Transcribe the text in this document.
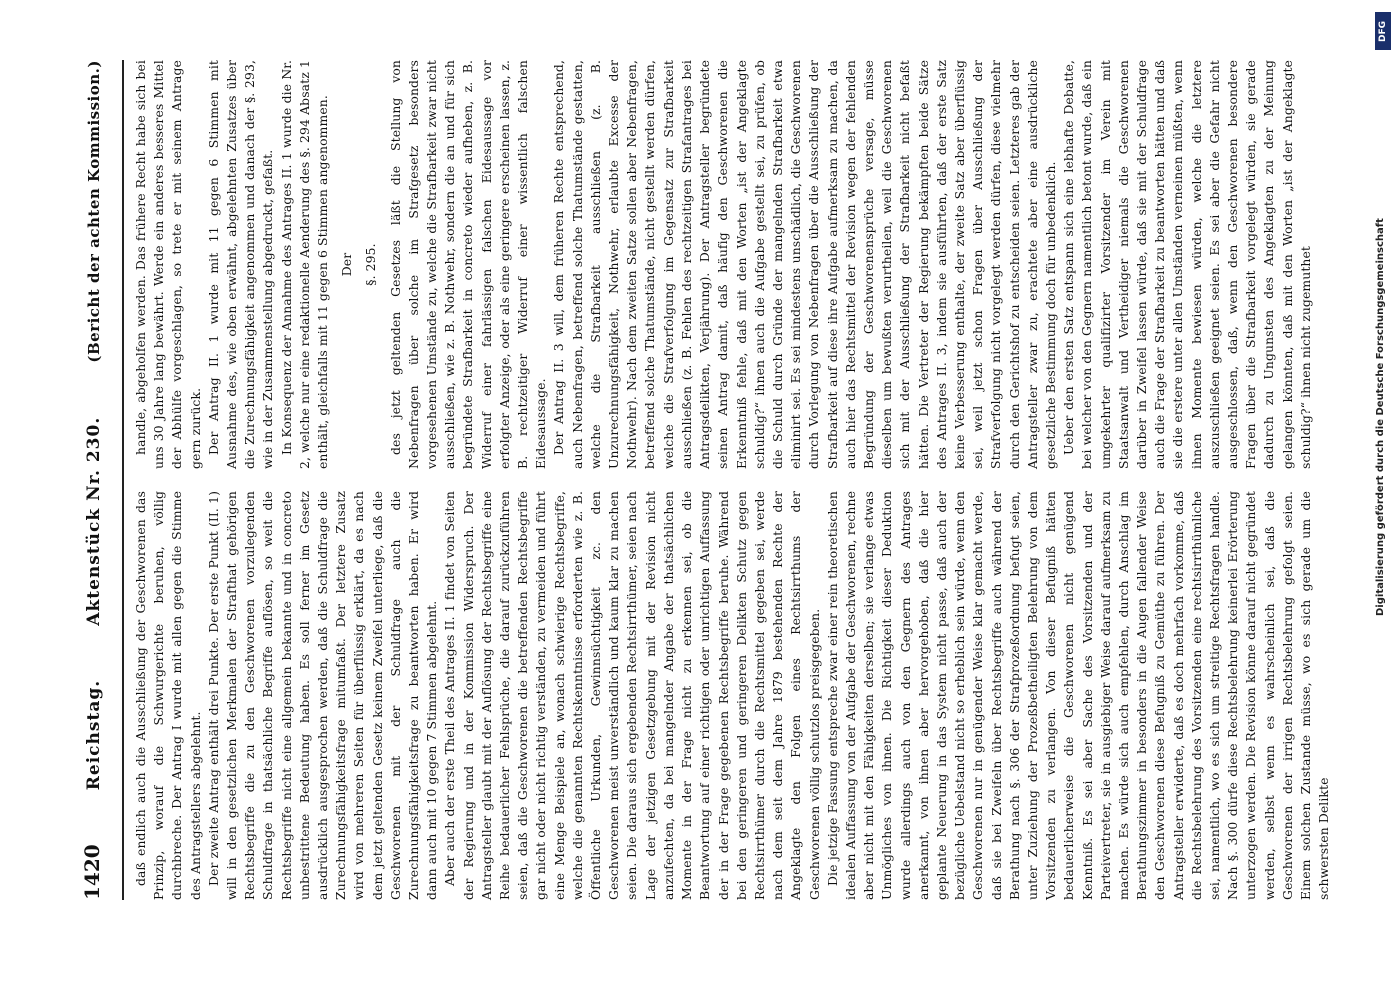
1420
Reichstag.
Aktenstück Nr. 230.
(Bericht der achten Kommission.)

daß endlich auch die Ausschließung der Geschworenen das Prinzip, worauf die Schwurgerichte beruhen, völlig durchbreche. Der Antrag I wurde mit allen gegen die Stimme des Antragstellers abgelehnt. Der zweite Antrag enthält drei Punkte. Der erste Punkt (II. 1) will in den gesetzlichen Merkmalen der Strafthat gehörigen Rechtsbegriffe die zu den Geschworenen vorzulegenden Schuldfrage in thatsächliche Begriffe auflösen, so weit die Rechtsbegriffe nicht eine allgemein bekannte und in concreto unbestrittene Bedeutung haben. Es soll ferner im Gesetz ausdrücklich ausgesprochen werden, daß die Schuldfrage die Zurechnungsfähigkeitsfrage mitumfaßt. Der letztere Zusatz wird von mehreren Seiten für überflüssig erklärt, da es nach dem jetzt geltenden Gesetz keinem Zweifel unterliege, daß die Geschworenen mit der Schuldfrage auch die Zurechnungsfähigkeitsfrage zu beantworten haben. Er wird dann auch mit 10 gegen 7 Stimmen abgelehnt. Aber auch der erste Theil des Antrages II. 1 findet von Seiten der Regierung und in der Kommission Widerspruch. Der Antragsteller glaubt mit der Auflösung der Rechtsbegriffe eine Reihe bedauerlicher Fehlsprüche, die darauf zurückzuführen seien, daß die Geschworenen die betreffenden Rechtsbegriffe gar nicht oder nicht richtig verständen, zu vermeiden und führt eine Menge Beispiele an, wonach schwierige Rechtsbegriffe, welche die genannten Rechtskenntnisse erforderten wie z. B. Öffentliche Urkunden, Gewinnsüchtigkeit zc. den Geschworenen meist unverständlich und kaum klar zu machen seien. Die daraus sich ergebenden Rechtsirrthümer, seien nach Lage der jetzigen Gesetzgebung mit der Revision nicht anzufechten, da bei mangelnder Angabe der thatsächlichen Momente in der Frage nicht zu erkennen sei, ob die Beantwortung auf einer richtigen oder unrichtigen Auffassung der in der Frage gegebenen Rechtsbegriffe beruhe. Während bei den geringeren und geringeren Delikten Schutz gegen Rechtsirrthümer durch die Rechtsmittel gegeben sei, werde nach dem seit dem Jahre 1879 bestehenden Rechte der Angeklagte den Folgen eines Rechtsirrthums der Geschworenen völlig schutzlos preisgegeben. Die jetzige Fassung entspreche zwar einer rein theoretischen idealen Auffassung von der Aufgabe der Geschworenen, rechne aber nicht mit den Fähigkeiten derselben; sie verlange etwas Unmögliches von ihnen. Die Richtigkeit dieser Deduktion wurde allerdings auch von den Gegnern des Antrages anerkannt, von ihnen aber hervorgehoben, daß die hier geplante Neuerung in das System nicht passe, daß auch der bezügliche Uebelstand nicht so erheblich sein würde, wenn den Geschworenen nur in genügender Weise klar gemacht werde, daß sie bei Zweifeln über Rechtsbegriffe auch während der Berathung nach §. 306 der Strafprozeßordnung befugt seien, unter Zuziehung der Prozeßbetheiligten Belehrung von dem Vorsitzenden zu verlangen. Von dieser Befugniß hätten bedauerlicherweise die Geschworenen nicht genügend Kenntniß. Es sei aber Sache des Vorsitzenden und der Parteivertreter, sie in ausgiebiger Weise darauf aufmerksam zu machen. Es würde sich auch empfehlen, durch Anschlag im Berathungszimmer in besonders in die Augen fallender Weise den Geschworenen diese Befugniß zu Gemüthe zu führen. Der Antragsteller erwiderte, daß es doch mehrfach vorkomme, daß die Rechtsbelehrung des Vorsitzenden eine rechtsirrthümliche sei, namentlich, wo es sich um streitige Rechtsfragen handle. Nach §. 300 dürfe diese Rechtsbelehrung keinerlei Erörterung unterzogen werden. Die Revision könne darauf nicht gegründet werden, selbst wenn es wahrscheinlich sei, daß die Geschworenen der irrigen Rechtsbelehrung gefolgt seien. Einem solchen Zustande müsse, wo es sich gerade um die schwersten Delikte

handle, abgeholfen werden. Das frühere Recht habe sich bei uns 30 Jahre lang bewährt. Werde ein anderes besseres Mittel der Abhülfe vorgeschlagen, so trete er mit seinem Antrage gern zurück. Der Antrag II. 1 wurde mit 11 gegen 6 Stimmen mit Ausnahme des, wie oben erwähnt, abgelehnten Zusatzes über die Zurechnungsfähigkeit angenommen und danach der §. 293, wie in der Zusammenstellung abgedruckt, gefaßt. In Konsequenz der Annahme des Antrages II. 1 wurde die Nr. 2, welche nur eine redaktionelle Aenderung des §. 294 Absatz 1 enthält, gleichfalls mit 11 gegen 6 Stimmen angenommen. Der §. 295. des jetzt geltenden Gesetzes läßt die Stellung von Nebenfragen über solche im Strafgesetz besonders vorgesehenen Umstände zu, welche die Strafbarkeit zwar nicht ausschließen, wie z. B. Nothwehr, sondern die an und für sich begründete Strafbarkeit in concreto wieder aufheben, z. B. Widerruf einer fahrlässigen falschen Eidesaussage vor erfolgter Anzeige, oder als eine geringere erscheinen lassen, z. B. rechtzeitiger Widerruf einer wissentlich falschen Eidesaussage. Der Antrag II. 3 will, dem früheren Rechte entsprechend, auch Nebenfragen, betreffend solche Thatumstände gestatten, welche die Strafbarkeit ausschließen (z. B. Unzurechnungsfähigkeit, Nothwehr, erlaubte Excesse der Nothwehr). Nach dem zweiten Satze sollen aber Nebenfragen, betreffend solche Thatumstände, nicht gestellt werden dürfen, welche die Strafverfolgung im Gegensatz zur Strafbarkeit ausschließen (z. B. Fehlen des rechtzeitigen Strafantrages bei Antragsdelikten, Verjährung). Der Antragsteller begründete seinen Antrag damit, daß häufig den Geschworenen die Erkenntniß fehle, daß mit den Worten „ist der Angeklagte schuldig?“ ihnen auch die Aufgabe gestellt sei, zu prüfen, ob die Schuld durch Gründe der mangelnden Strafbarkeit etwa eliminirt sei. Es sei mindestens unschädlich, die Geschworenen durch Vorlegung von Nebenfragen über die Ausschließung der Strafbarkeit auf diese ihre Aufgabe aufmerksam zu machen, da auch hier das Rechtsmittel der Revision wegen der fehlenden Begründung der Geschworenensprüche versage, müsse dieselben um bewußten verurtheilen, weil die Geschworenen sich mit der Ausschließung der Strafbarkeit nicht befaßt hätten. Die Vertreter der Regierung bekämpften beide Sätze des Antrages II. 3, indem sie ausführten, daß der erste Satz keine Verbesserung enthalte, der zweite Satz aber überflüssig sei, weil jetzt schon Fragen über Ausschließung der Strafverfolgung nicht vorgelegt werden dürfen, diese vielmehr durch den Gerichtshof zu entscheiden seien. Letzteres gab der Antragsteller zwar zu, erachtete aber eine ausdrückliche gesetzliche Bestimmung doch für unbedenklich. Ueber den ersten Satz entspann sich eine lebhafte Debatte, bei welcher von den Gegnern namentlich betont wurde, daß ein umgekehrter qualifizirter Vorsitzender im Verein mit Staatsanwalt und Vertheidiger niemals die Geschworenen darüber in Zweifel lassen würde, daß sie mit der Schuldfrage auch die Frage der Strafbarkeit zu beantworten hätten und daß sie die erstere unter allen Umständen verneinen müßten, wenn ihnen Momente bewiesen würden, welche die letztere auszuschließen geeignet seien. Es sei aber die Gefahr nicht ausgeschlossen, daß, wenn den Geschworenen besondere Fragen über die Strafbarkeit vorgelegt würden, sie gerade dadurch zu Ungunsten des Angeklagten zu der Meinung gelangen könnten, daß mit den Worten „ist der Angeklagte schuldig?“ ihnen nicht zugemuthet

DFG
Digitalisierung gefördert durch die Deutsche Forschungsgemeinschaft
